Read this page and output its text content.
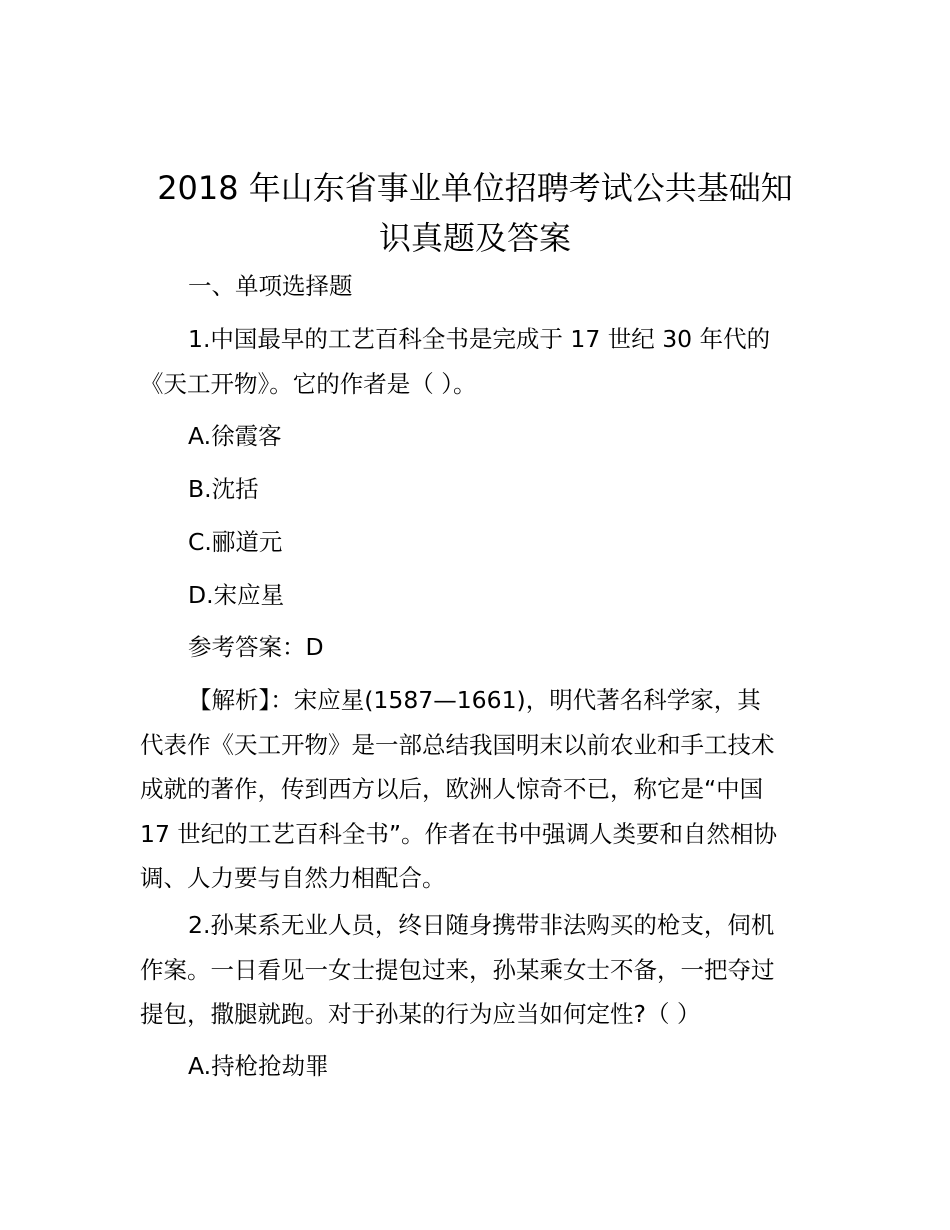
2018 年山东省事业单位招聘考试公共基础知
识真题及答案
一、单项选择题
1.中国最早的工艺百科全书是完成于 17 世纪 30 年代的
《天工开物》。它的作者是（ ）。
A.徐霞客
B.沈括
C.郦道元
D.宋应星
参考答案：D
【解析】：宋应星(1587—1661)，明代著名科学家，其
代表作《天工开物》是一部总结我国明末以前农业和手工技术
成就的著作，传到西方以后，欧洲人惊奇不已，称它是“中国
17 世纪的工艺百科全书”。作者在书中强调人类要和自然相协
调、人力要与自然力相配合。
2.孙某系无业人员，终日随身携带非法购买的枪支，伺机
作案。一日看见一女士提包过来，孙某乘女士不备，一把夺过
提包，撒腿就跑。对于孙某的行为应当如何定性?（ ）
A.持枪抢劫罪
